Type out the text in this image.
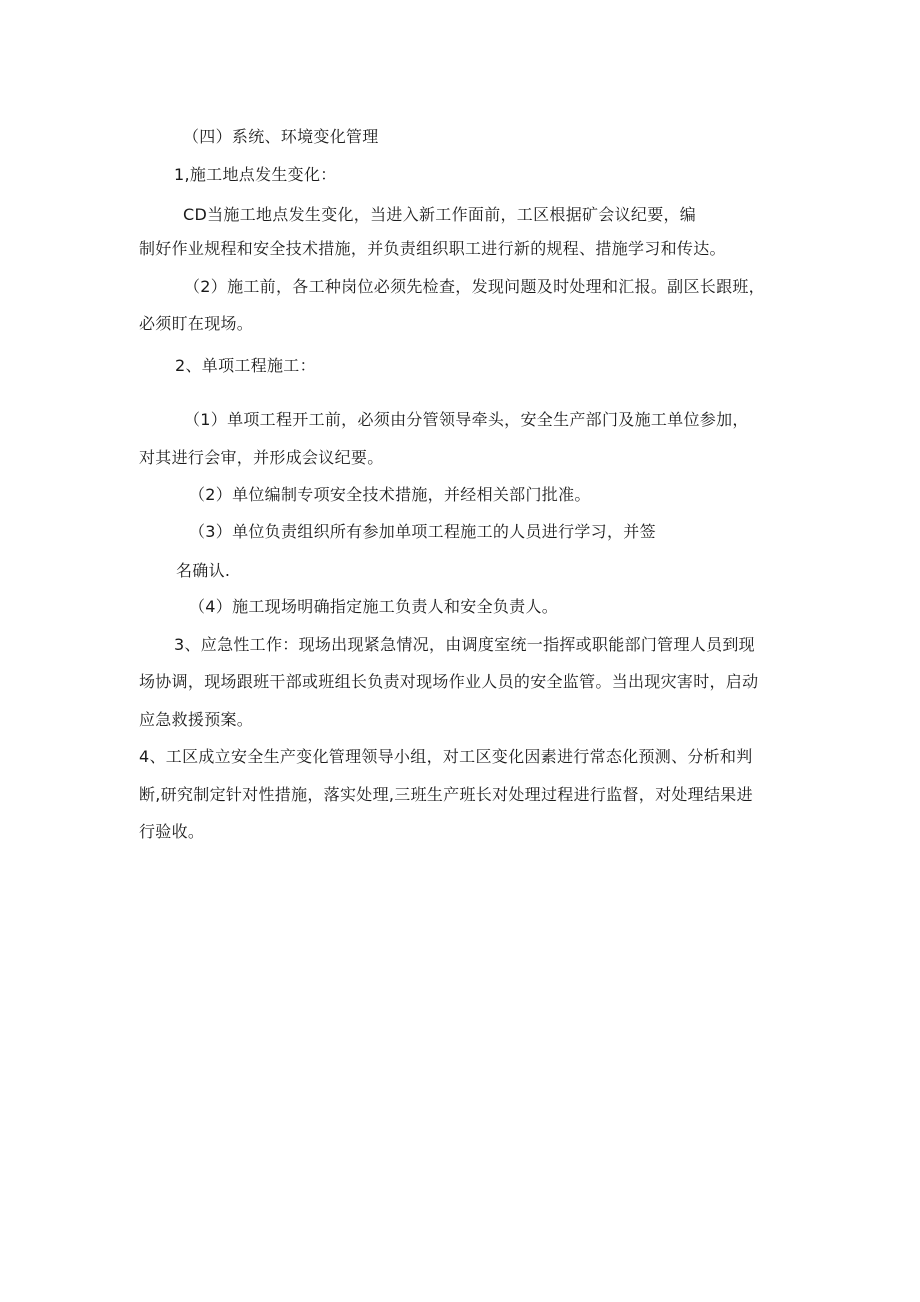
（四）系统、环境变化管理
1,施工地点发生变化：
CD当施工地点发生变化，当进入新工作面前，工区根据矿会议纪要，编
制好作业规程和安全技术措施，并负责组织职工进行新的规程、措施学习和传达。
（2）施工前，各工种岗位必须先检查，发现问题及时处理和汇报。副区长跟班，
必须盯在现场。
2、单项工程施工：
（1）单项工程开工前，必须由分管领导牵头，安全生产部门及施工单位参加，
对其进行会审，并形成会议纪要。
（2）单位编制专项安全技术措施，并经相关部门批准。
（3）单位负责组织所有参加单项工程施工的人员进行学习，并签
名确认.
（4）施工现场明确指定施工负责人和安全负责人。
3、应急性工作：现场出现紧急情况，由调度室统一指挥或职能部门管理人员到现
场协调，现场跟班干部或班组长负责对现场作业人员的安全监管。当出现灾害时，启动
应急救援预案。
4、工区成立安全生产变化管理领导小组，对工区变化因素进行常态化预测、分析和判
断,研究制定针对性措施，落实处理,三班生产班长对处理过程进行监督，对处理结果进
行验收。
